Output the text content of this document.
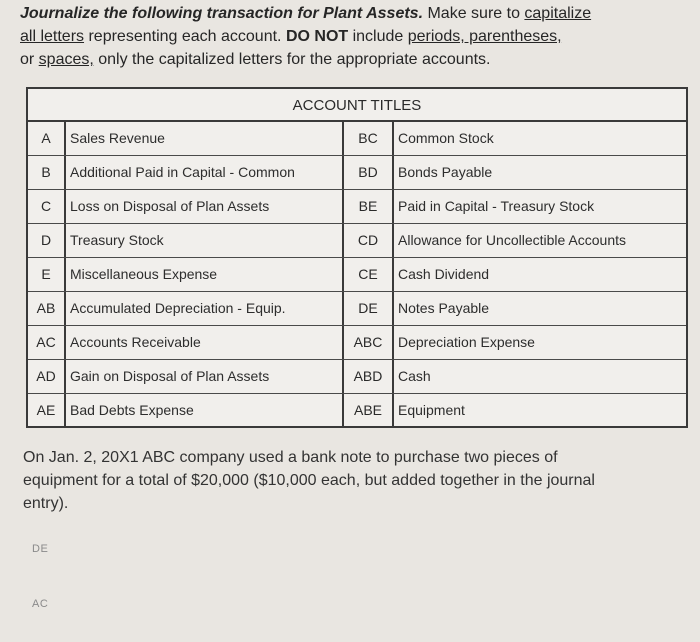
Journalize the following transaction for Plant Assets. Make sure to capitalize
all letters representing each account. DO NOT include periods, parentheses,
or spaces, only the capitalized letters for the appropriate accounts.
ACCOUNT TITLES
A	Sales Revenue	BC	Common Stock
B	Additional Paid in Capital - Common	BD	Bonds Payable
C	Loss on Disposal of Plan Assets	BE	Paid in Capital - Treasury Stock
D	Treasury Stock	CD	Allowance for Uncollectible Accounts
E	Miscellaneous Expense	CE	Cash Dividend
AB	Accumulated Depreciation - Equip.	DE	Notes Payable
AC	Accounts Receivable	ABC	Depreciation Expense
AD	Gain on Disposal of Plan Assets	ABD	Cash
AE	Bad Debts Expense	ABE	Equipment
On Jan. 2, 20X1 ABC company used a bank note to purchase two pieces of equipment for a total of $20,000 ($10,000 each, but added together in the journal entry).
DE
AC
